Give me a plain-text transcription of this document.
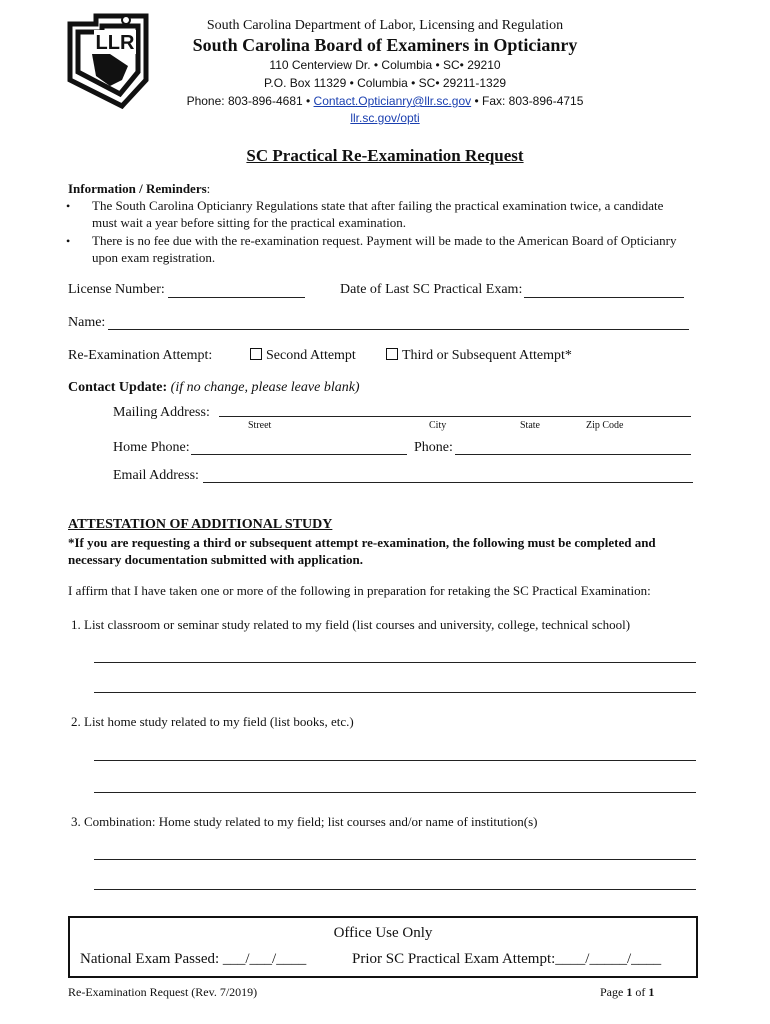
LLR
South Carolina Department of Labor, Licensing and Regulation
South Carolina Board of Examiners in Opticianry
110 Centerview Dr. • Columbia • SC• 29210
P.O. Box 11329 • Columbia • SC• 29211-1329
Phone: 803-896-4681 • Contact.Opticianry@llr.sc.gov • Fax: 803-896-4715
llr.sc.gov/opti
SC Practical Re-Examination Request
Information / Reminders:
• The South Carolina Opticianry Regulations state that after failing the practical examination twice, a candidate
must wait a year before sitting for the practical examination.
• There is no fee due with the re-examination request. Payment will be made to the American Board of Opticianry
upon exam registration.
License Number:	Date of Last SC Practical Exam:
Name:
Re-Examination Attempt:	Second Attempt	Third or Subsequent Attempt*
Contact Update: (if no change, please leave blank)
Mailing Address:
Street	City	State	Zip Code
Home Phone:	Phone:
Email Address:
ATTESTATION OF ADDITIONAL STUDY
*If you are requesting a third or subsequent attempt re-examination, the following must be completed and
necessary documentation submitted with application.
I affirm that I have taken one or more of the following in preparation for retaking the SC Practical Examination:
1. List classroom or seminar study related to my field (list courses and university, college, technical school)
2. List home study related to my field (list books, etc.)
3. Combination: Home study related to my field; list courses and/or name of institution(s)
Office Use Only
National Exam Passed: ___/___/____	Prior SC Practical Exam Attempt:____/_____/____
Re-Examination Request (Rev. 7/2019)	Page 1 of 1
